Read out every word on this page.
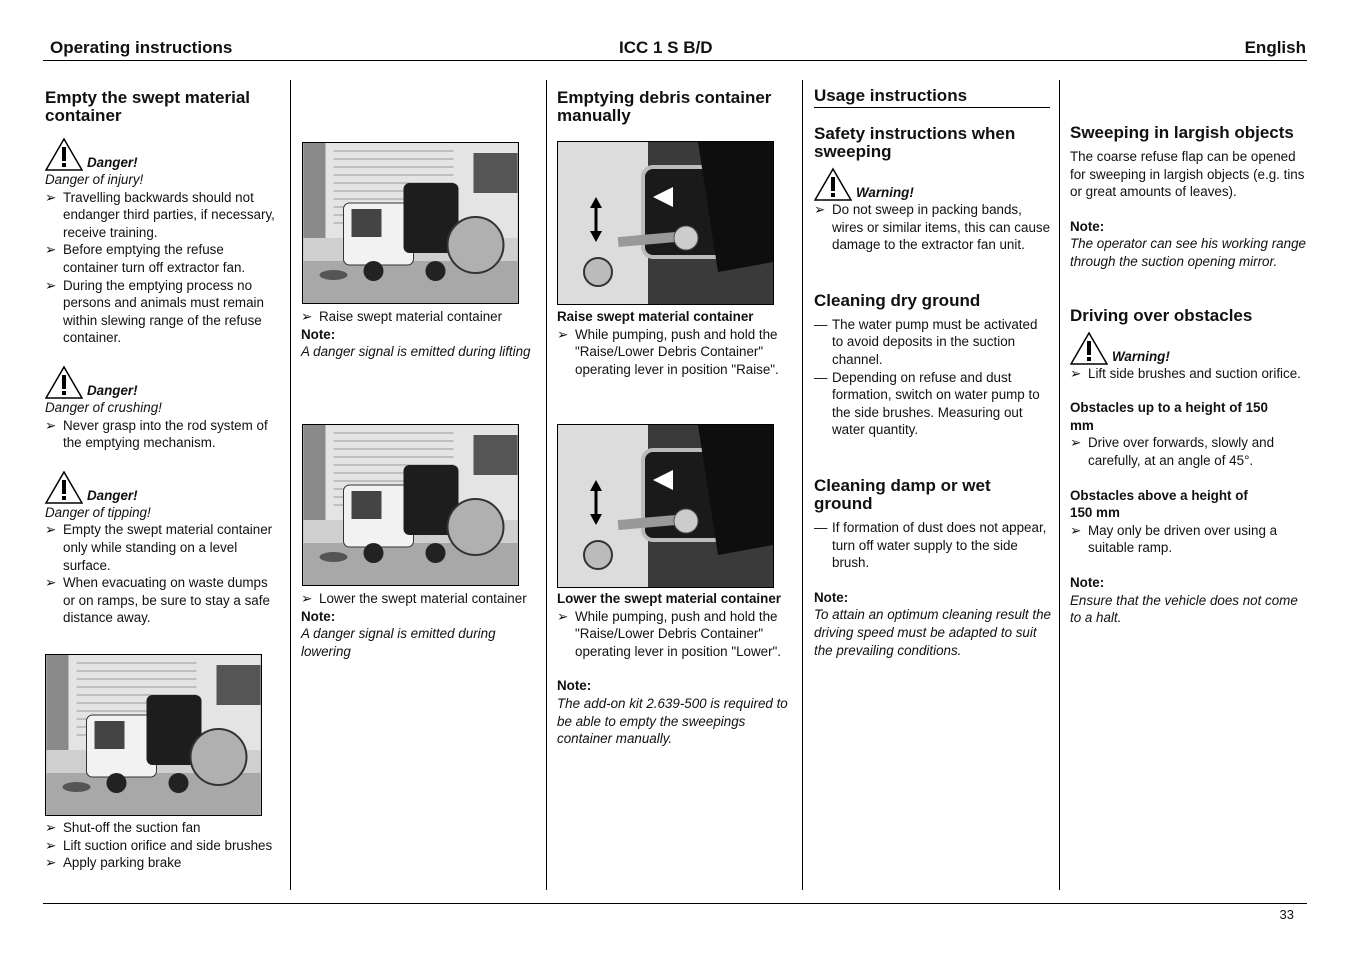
Operating instructions	ICC 1 S B/D	English
33
Empty the swept material container
Danger!
Danger of injury!
➢ Travelling backwards should not endanger third parties, if necessary, receive training.
➢ Before emptying the refuse container turn off extractor fan.
➢ During the emptying process no persons and animals must remain within slewing range of the refuse container.
Danger!
Danger of crushing!
➢ Never grasp into the rod system of the emptying mechanism.
Danger!
Danger of tipping!
➢ Empty the swept material container only while standing on a level surface.
➢ When evacuating on waste dumps or on ramps, be sure to stay a safe distance away.
➢ Shut-off the suction fan
➢ Lift suction orifice and side brushes
➢ Apply parking brake
➢ Raise swept material container
Note:
A danger signal is emitted during lifting
➢ Lower the swept material container
Note:
A danger signal is emitted during lowering
Emptying debris container manually
Raise swept material container
➢ While pumping, push and hold the "Raise/Lower Debris Container" operating lever in position "Raise".
Lower the swept material container
➢ While pumping, push and hold the "Raise/Lower Debris Container" operating lever in position "Lower".
Note:
The add-on kit 2.639-500 is required to be able to empty the sweepings container manually.
Usage instructions
Safety instructions when sweeping
Warning!
➢ Do not sweep in packing bands, wires or similar items, this can cause damage to the extractor fan unit.
Cleaning dry ground
— The water pump must be activated to avoid deposits in the suction channel.
— Depending on refuse and dust formation, switch on water pump to the side brushes. Measuring out water quantity.
Cleaning damp or wet ground
— If formation of dust does not appear, turn off water supply to the side brush.
Note:
To attain an optimum cleaning result the driving speed must be adapted to suit the prevailing conditions.
Sweeping in largish objects
The coarse refuse flap can be opened for sweeping in largish objects (e.g. tins or great amounts of leaves).
Note:
The operator can see his working range through the suction opening mirror.
Driving over obstacles
Warning!
➢ Lift side brushes and suction orifice.
Obstacles up to a height of 150 mm
➢ Drive over forwards, slowly and carefully, at an angle of 45°.
Obstacles above a height of 150 mm
➢ May only be driven over using a suitable ramp.
Note:
Ensure that the vehicle does not come to a halt.
